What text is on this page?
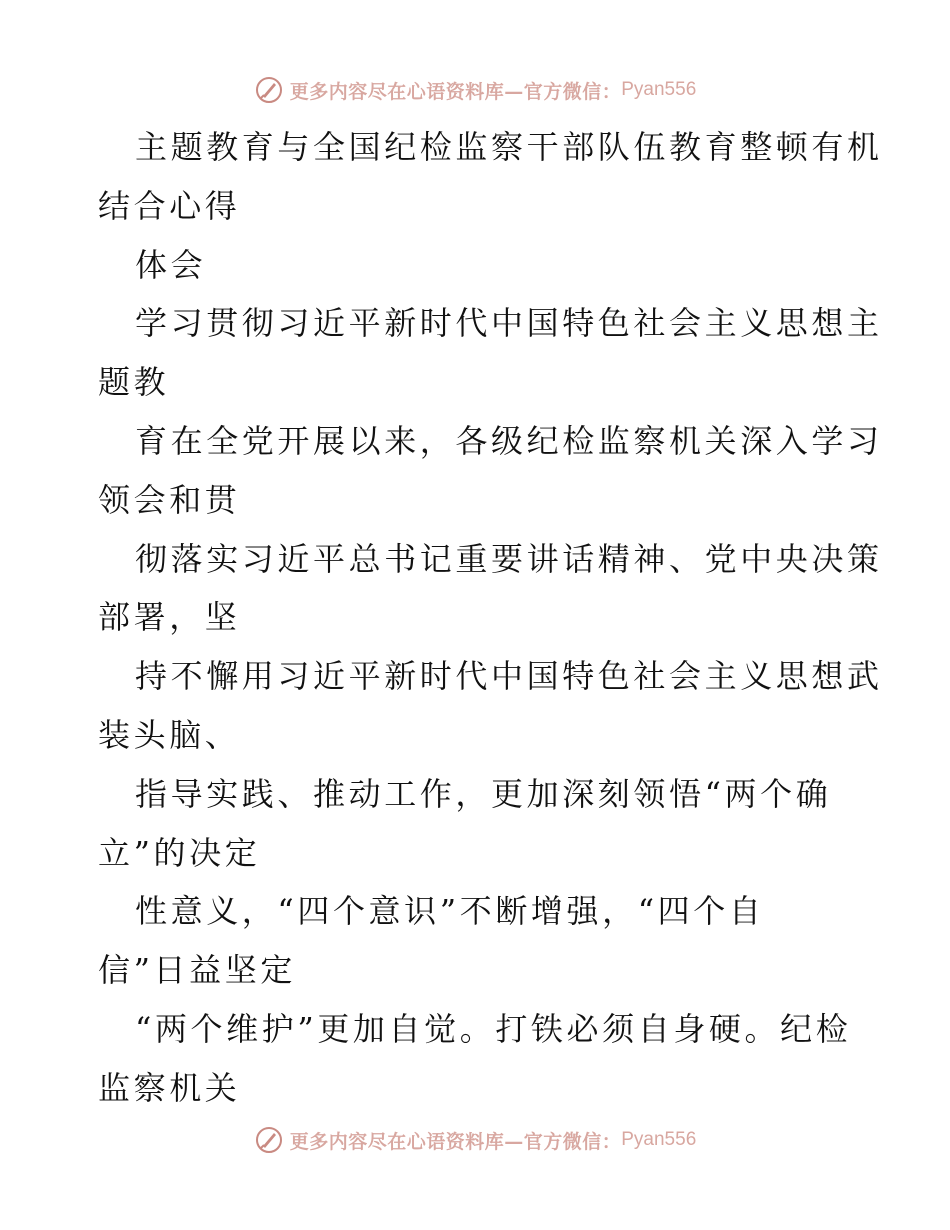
更多内容尽在心语资料库—官方微信： Pyan556
主题教育与全国纪检监察干部队伍教育整顿有机
结合心得
体会
学习贯彻习近平新时代中国特色社会主义思想主
题教
育在全党开展以来，各级纪检监察机关深入学习
领会和贯
彻落实习近平总书记重要讲话精神、党中央决策
部署，坚
持不懈用习近平新时代中国特色社会主义思想武
装头脑、
指导实践、推动工作，更加深刻领悟“两个确
立”的决定
性意义，“四个意识”不断增强，“四个自
信”日益坚定
“两个维护”更加自觉。打铁必须自身硬。纪检
监察机关
更多内容尽在心语资料库—官方微信： Pyan556
